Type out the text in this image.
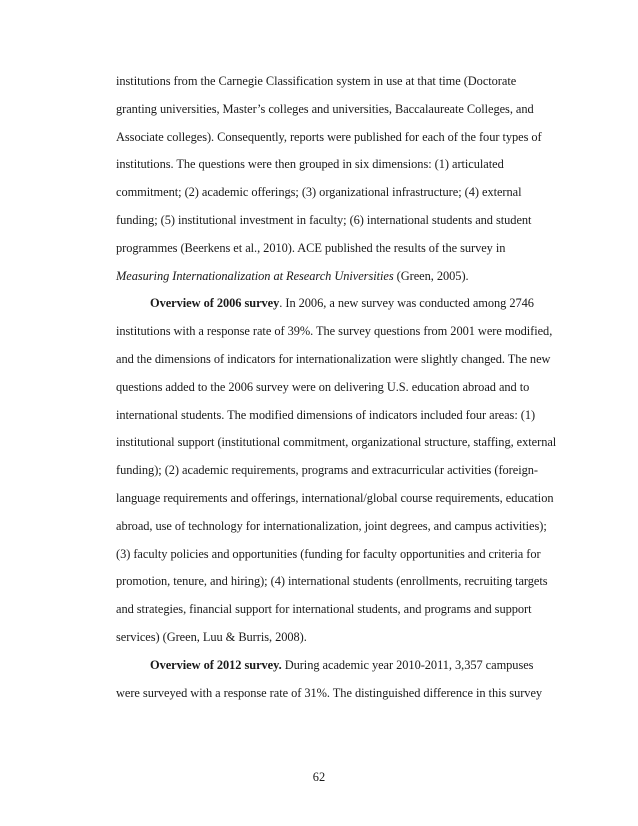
institutions from the Carnegie Classification system in use at that time (Doctorate
granting universities, Master’s colleges and universities, Baccalaureate Colleges, and
Associate colleges). Consequently, reports were published for each of the four types of
institutions. The questions were then grouped in six dimensions: (1) articulated
commitment; (2) academic offerings; (3) organizational infrastructure; (4) external
funding; (5) institutional investment in faculty; (6) international students and student
programmes (Beerkens et al., 2010). ACE published the results of the survey in
Measuring Internationalization at Research Universities (Green, 2005).
Overview of 2006 survey. In 2006, a new survey was conducted among 2746
institutions with a response rate of 39%. The survey questions from 2001 were modified,
and the dimensions of indicators for internationalization were slightly changed. The new
questions added to the 2006 survey were on delivering U.S. education abroad and to
international students. The modified dimensions of indicators included four areas: (1)
institutional support (institutional commitment, organizational structure, staffing, external
funding); (2) academic requirements, programs and extracurricular activities (foreign-
language requirements and offerings, international/global course requirements, education
abroad, use of technology for internationalization, joint degrees, and campus activities);
(3) faculty policies and opportunities (funding for faculty opportunities and criteria for
promotion, tenure, and hiring); (4) international students (enrollments, recruiting targets
and strategies, financial support for international students, and programs and support
services) (Green, Luu & Burris, 2008).
Overview of 2012 survey. During academic year 2010-2011, 3,357 campuses
were surveyed with a response rate of 31%. The distinguished difference in this survey
62
